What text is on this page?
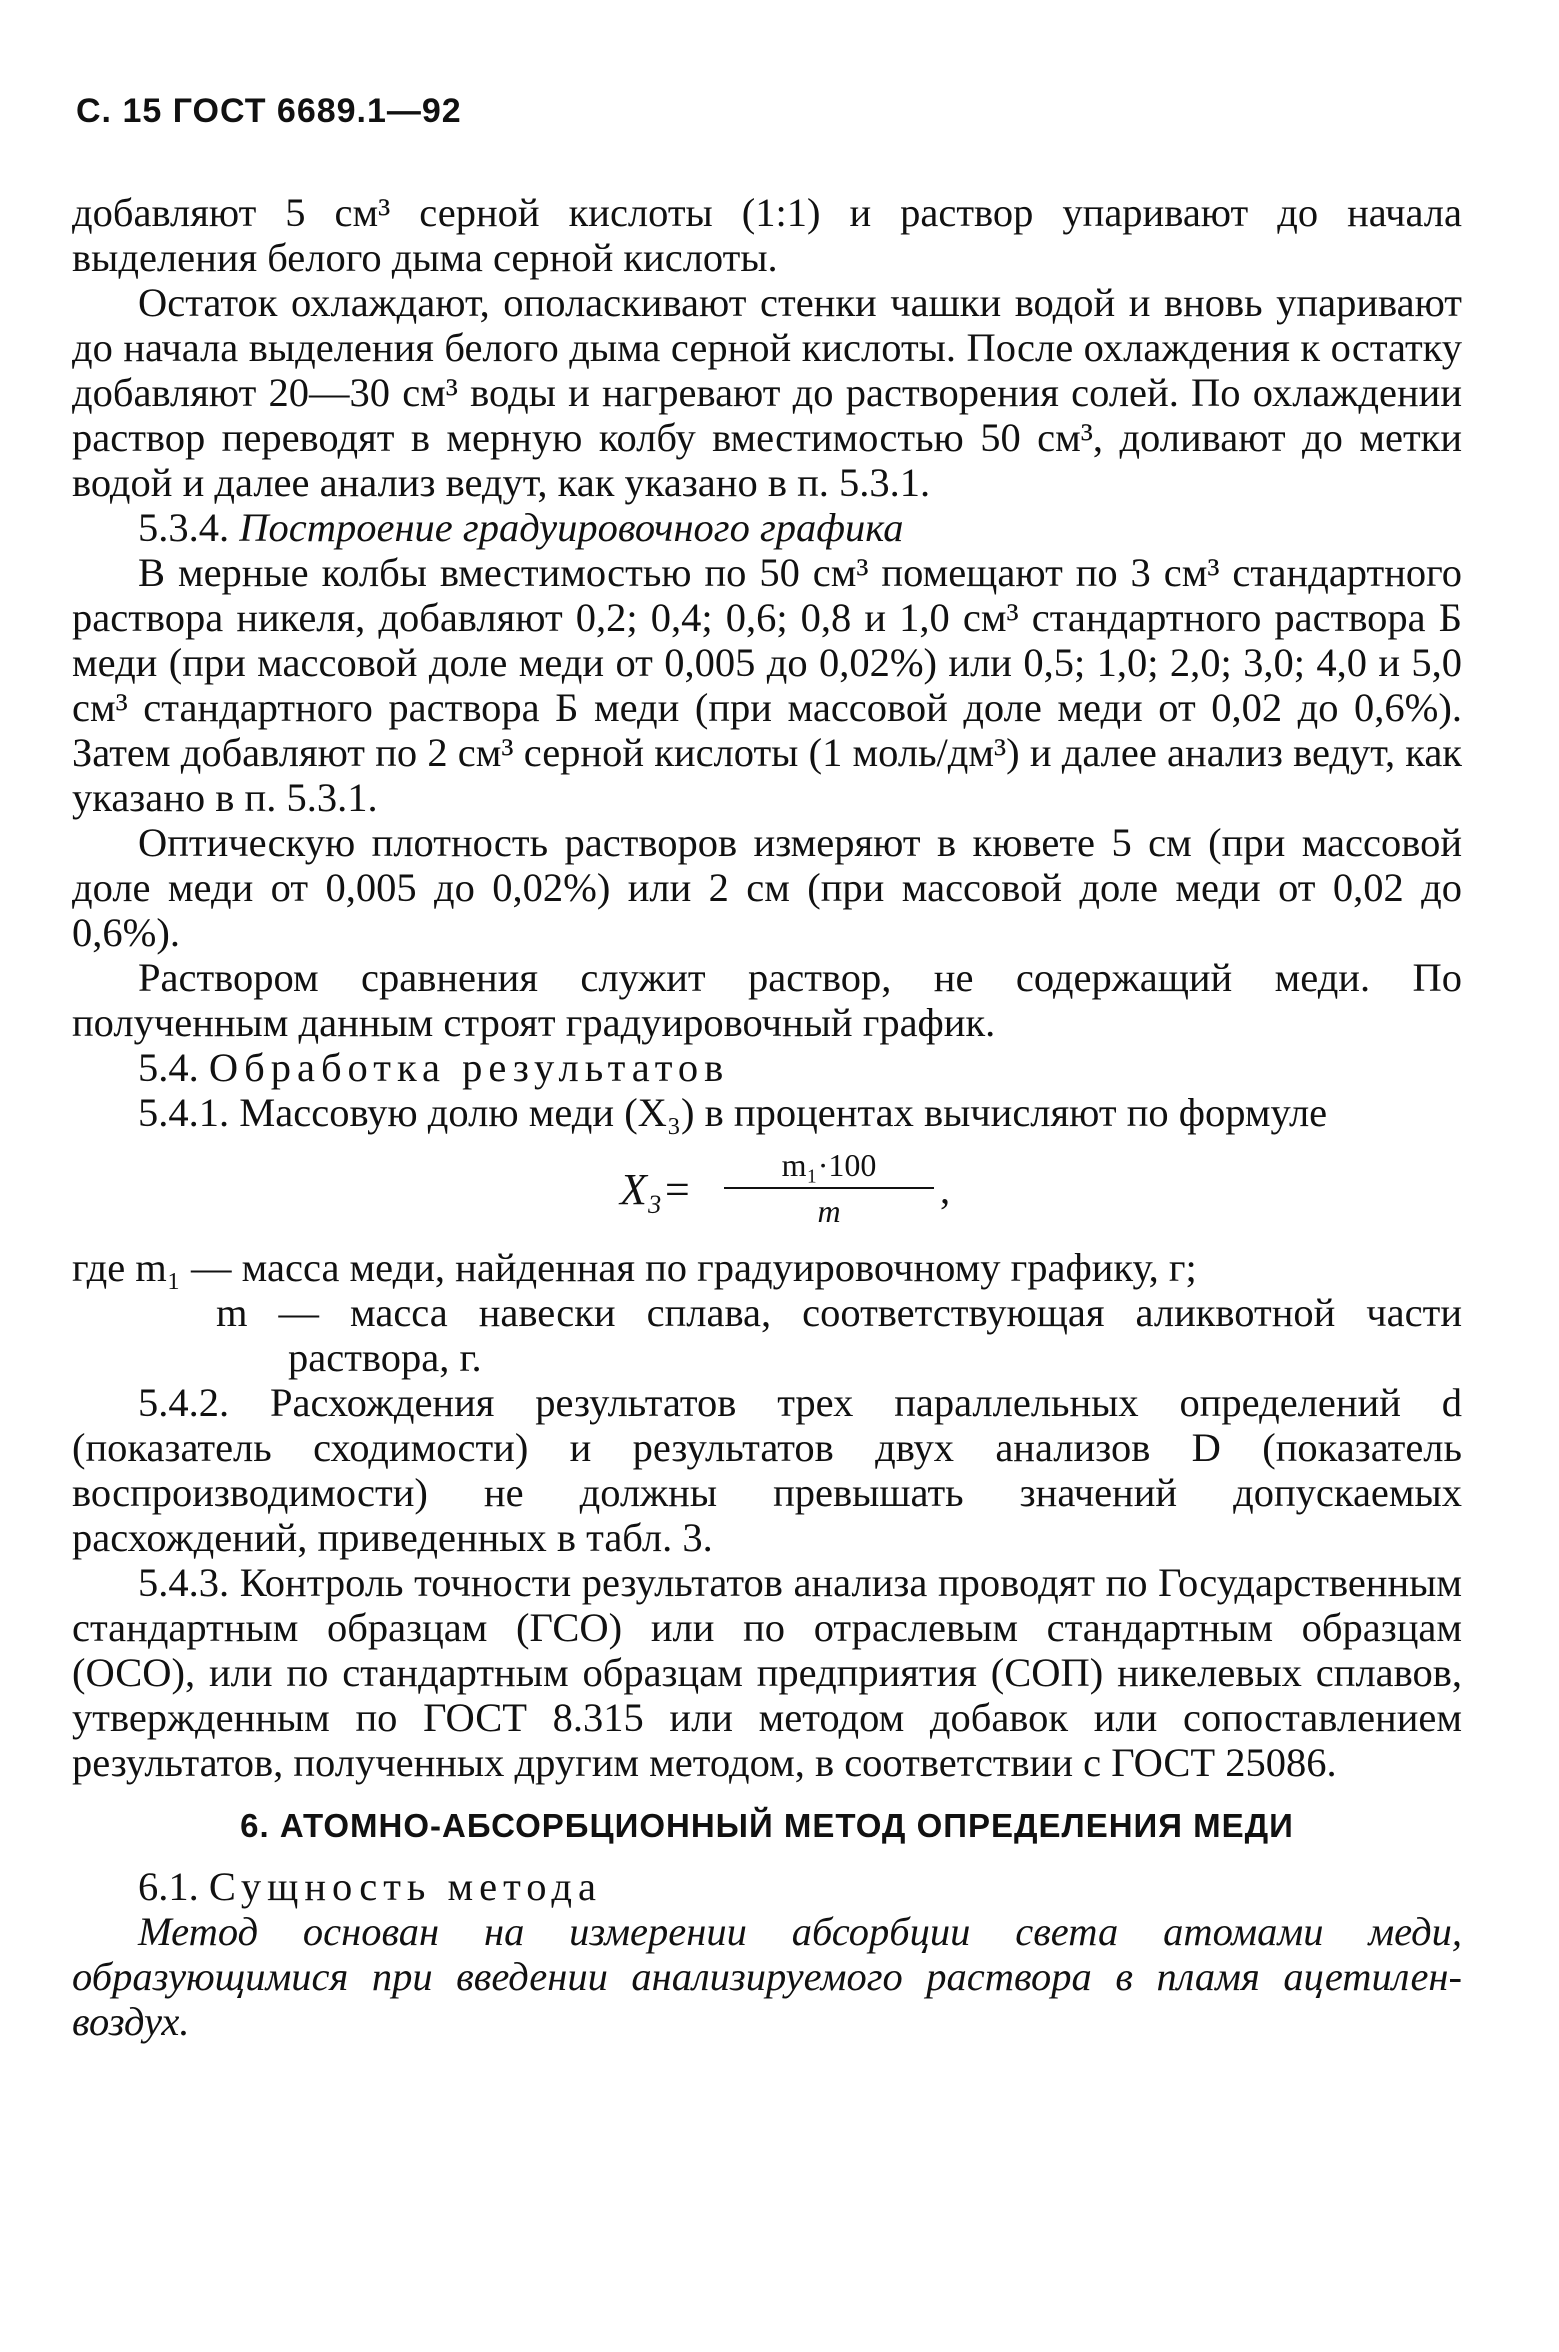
С. 15 ГОСТ 6689.1—92

добавляют 5 см³ серной кислоты (1:1) и раствор упаривают до начала выделения белого дыма серной кислоты.

Остаток охлаждают, ополаскивают стенки чашки водой и вновь упаривают до начала выделения белого дыма серной кислоты. После охлаждения к остатку добавляют 20—30 см³ воды и нагревают до растворения солей. По охлаждении раствор переводят в мерную колбу вместимостью 50 см³, доливают до метки водой и далее анализ ведут, как указано в п. 5.3.1.

5.3.4. Построение градуировочного графика

В мерные колбы вместимостью по 50 см³ помещают по 3 см³ стандартного раствора никеля, добавляют 0,2; 0,4; 0,6; 0,8 и 1,0 см³ стандартного раствора Б меди (при массовой доле меди от 0,005 до 0,02%) или 0,5; 1,0; 2,0; 3,0; 4,0 и 5,0 см³ стандартного раствора Б меди (при массовой доле меди от 0,02 до 0,6%). Затем добавляют по 2 см³ серной кислоты (1 моль/дм³) и далее анализ ведут, как указано в п. 5.3.1.

Оптическую плотность растворов измеряют в кювете 5 см (при массовой доле меди от 0,005 до 0,02%) или 2 см (при массовой доле меди от 0,02 до 0,6%).

Раствором сравнения служит раствор, не содержащий меди. По полученным данным строят градуировочный график.

5.4. Обработка результатов

5.4.1. Массовую долю меди (X₃) в процентах вычисляют по формуле

X₃=	m₁·100
m	,

где m₁ — масса меди, найденная по градуировочному графику, г;

m — масса навески сплава, соответствующая аликвотной части раствора, г.

5.4.2. Расхождения результатов трех параллельных определений d (показатель сходимости) и результатов двух анализов D (показатель воспроизводимости) не должны превышать значений допускаемых расхождений, приведенных в табл. 3.

5.4.3. Контроль точности результатов анализа проводят по Государственным стандартным образцам (ГСО) или по отраслевым стандартным образцам (ОСО), или по стандартным образцам предприятия (СОП) никелевых сплавов, утвержденным по ГОСТ 8.315 или методом добавок или сопоставлением результатов, полученных другим методом, в соответствии с ГОСТ 25086.

6. АТОМНО-АБСОРБЦИОННЫЙ МЕТОД ОПРЕДЕЛЕНИЯ МЕДИ

6.1. Сущность метода

Метод основан на измерении абсорбции света атомами меди, образующимися при введении анализируемого раствора в пламя ацетилен-воздух.
